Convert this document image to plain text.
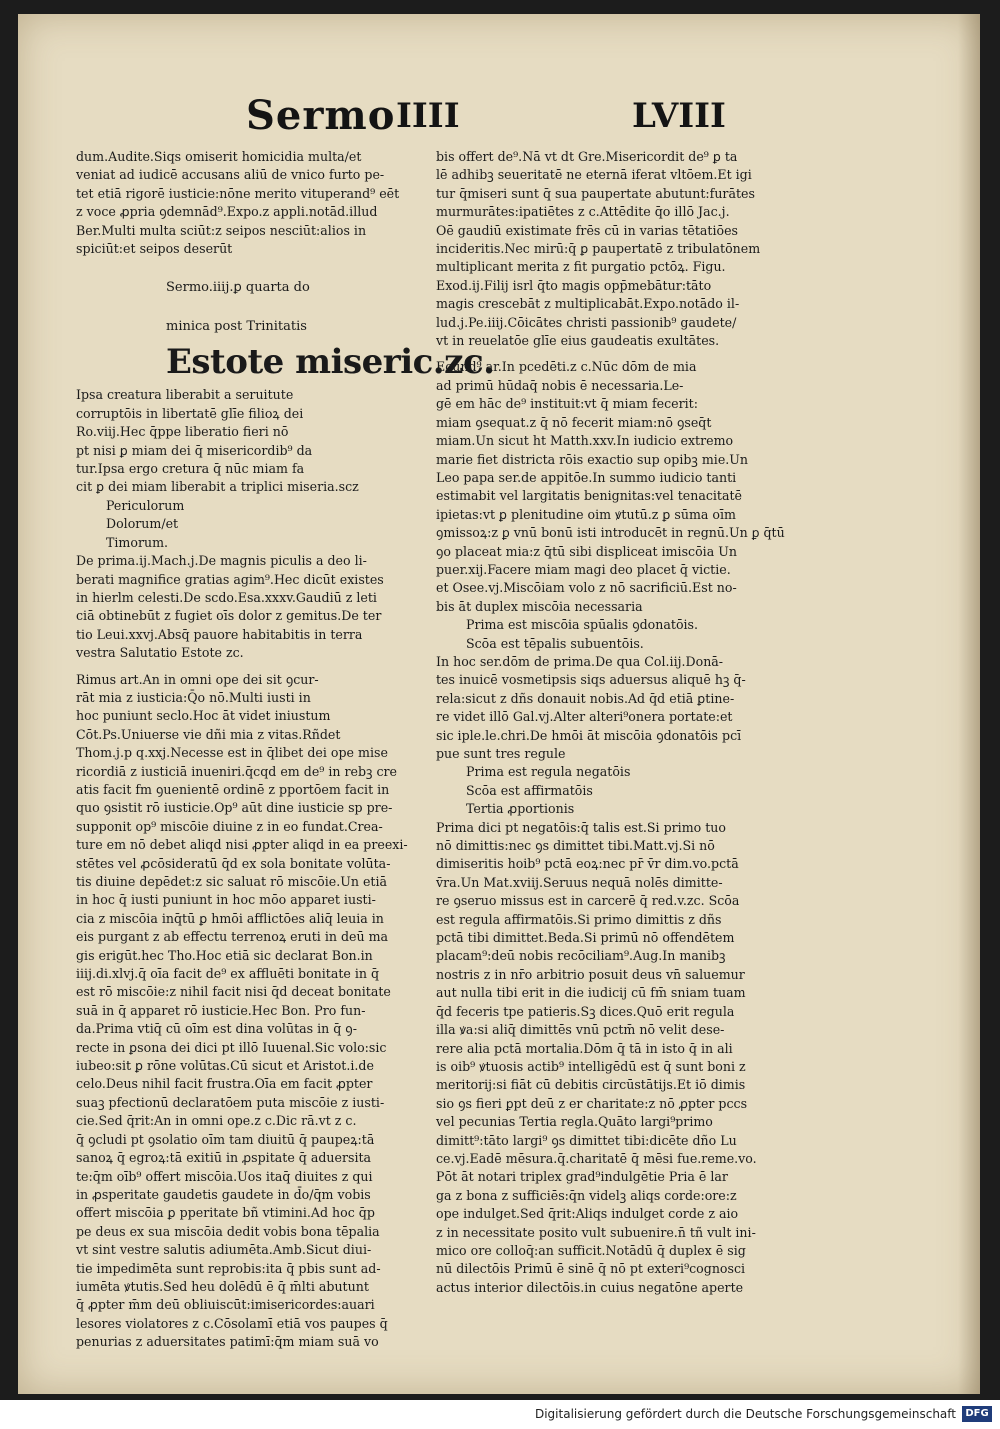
Sermo IIII	LVIII

dum.Audite.Siqs omiserit homicidia multa/et

veniat ad iudicē accusans aliū de vnico furto pe-

tet etiā rigorē iusticie:nōne merito vituperand⁹ eēt

z voce ꝓpria ꝯdemnād⁹.Expo.z appli.notād.illud

Ber.Multi multa sciūt:z seipos nesciūt:alios in

spiciūt:et seipos deserūt

Sermo.iiij.ꝑ quarta do

minica post Trinitatis

Estote miseric.zc.

Ipsa creatura liberabit a seruitute

corruptōis in libertatē glīe filioꝝ dei

Ro.viij.Hec q̄ppe liberatio fieri nō

pt nisi ꝑ miam dei q̄ misericordib⁹ da

tur.Ipsa ergo cretura q̄ nūc miam fa

cit ꝑ dei miam liberabit a triplici miseria.scz

Periculorum

Dolorum/et

Timorum.

De prima.ij.Mach.j.De magnis piculis a deo li-

berati magnifice gratias agim⁹.Hec dicūt existes

in hierlm celesti.De scdo.Esa.xxxv.Gaudiū z leti

ciā obtinebūt z fugiet oīs dolor z gemitus.De ter

tio Leui.xxvj.Absq̄ pauore habitabitis in terra

vestra Salutatio Estote zc.

Rimus art.An in omni ope dei sit ꝯcur-

rāt mia z iusticia:Q̄o nō.Multi iusti in

hoc puniunt seclo.Hoc āt videt iniustum

Cōt.Ps.Uniuerse vie dñi mia z vitas.Rñdet

Thom.j.p q.xxj.Necesse est in q̄libet dei ope mise

ricordiā z iusticiā inueniri.q̄cqd em de⁹ in rebꝫ cre

atis facit fm ꝯuenientē ordinē z pportōem facit in

quo ꝯsistit rō iusticie.Op⁹ aūt dine iusticie sp pre-

supponit op⁹ miscōie diuine z in eo fundat.Crea-

ture em nō debet aliqd nisi ꝓpter aliqd in ea preexi-

stētes vel ꝓcōsideratū q̄d ex sola bonitate volūta-

tis diuine depēdet:z sic saluat rō miscōie.Un etiā

in hoc q̄ iusti puniunt in hoc mōo apparet iusti-

cia z miscōia inq̄tū ꝑ hmōi afflictōes aliq̄ leuia in

eis purgant z ab effectu terrenoꝝ eruti in deū ma

gis erigūt.hec Tho.Hoc etiā sic declarat Bon.in

iiij.di.xlvj.q̄ oīa facit de⁹ ex affluēti bonitate in q̄

est rō miscōie:z nihil facit nisi q̄d deceat bonitate

suā in q̄ apparet rō iusticie.Hec Bon. Pro fun-

da.Prima vtiq̄ cū oīm est dina volūtas in q̄ ꝯ-

recte in ꝑsona dei dici pt illō Iuuenal.Sic volo:sic

iubeo:sit ꝑ rōne volūtas.Cū sicut et Aristot.i.de

celo.Deus nihil facit frustra.Oīa em facit ꝓpter

suaꝫ pfectionū declaratōem puta miscōie z iusti-

cie.Sed q̄rit:An in omni ope.z c.Dic rā.vt z c.

q̄ ꝯcludi pt ꝯsolatio oīm tam diuitū q̄ paupeꝝ:tā

sanoꝝ q̄ egroꝝ:tā exitiū in ꝓspitate q̄ aduersita

te:q̄m oīb⁹ offert miscōia.Uos itaq̄ diuites z qui

in ꝓsperitate gaudetis gaudete in d̄o/q̄m vobis

offert miscōia ꝑ pperitate bñ vtimini.Ad hoc q̄p

pe deus ex sua miscōia dedit vobis bona tēpalia

vt sint vestre salutis adiumēta.Amb.Sicut diui-

tie impedimēta sunt reprobis:ita q̄ pbis sunt ad-

iumēta ꝟtutis.Sed heu dolēdū ē q̄ m̄lti abutunt

q̄ ꝓpter m̄m deū obliuiscūt:imisericordes:auari

lesores violatores z c.Cōsolamī etiā vos paupes q̄

penurias z aduersitates patimī:q̄m miam suā vo

bis offert de⁹.Nā vt dt Gre.Misericordit de⁹ ꝑ ta

lē adhibꝫ seueritatē ne eternā iferat vltōem.Et igi

tur q̄miseri sunt q̄ sua paupertate abutunt:furātes

murmurātes:ipatiētes z c.Attēdite q̄o illō Jac.j.

Oē gaudiū existimate frēs cū in varias tētatiōes

incideritis.Nec mirū:q̄ ꝑ paupertatē z tribulatōnem

multiplicant merita z fit purgatio pctōꝝ. Figu.

Exod.ij.Filij isrl q̄to magis opp̄mebātur:tāto

magis crescebāt z multiplicabāt.Expo.notādo il-

lud.j.Pe.iiij.Cōicātes christi passionib⁹ gaudete/

vt in reuelatōe glīe eius gaudeatis exultātes.

Ecund⁹ ar.In pcedēti.z c.Nūc dōm de mia

ad primū hūdaq̄ nobis ē necessaria.Le-

gē em hāc de⁹ instituit:vt q̄ miam fecerit:

miam ꝯsequat.z q̄ nō fecerit miam:nō ꝯseq̄t

miam.Un sicut ht Matth.xxv.In iudicio extremo

marie fiet districta rōis exactio sup opibꝫ mie.Un

Leo papa ser.de appitōe.In summo iudicio tanti

estimabit vel largitatis benignitas:vel tenacitatē

ipietas:vt ꝑ plenitudine oim ꝟtutū.z ꝑ sūma oīm

ꝯmissoꝝ:z ꝑ vnū bonū isti introducēt in regnū.Un ꝑ q̄tū

ꝯo placeat mia:z q̄tū sibi displiceat imiscōia Un

puer.xij.Facere miam magi deo placet q̄ victie.

et Osee.vj.Miscōiam volo z nō sacrificiū.Est no-

bis āt duplex miscōia necessaria

Prima est miscōia spūalis ꝯdonatōis.

Scōa est tēpalis subuentōis.

In hoc ser.dōm de prima.De qua Col.iij.Donā-

tes inuicē vosmetipsis siqs aduersus aliquē hꝫ q̄-

rela:sicut z dñs donauit nobis.Ad q̄d etiā ꝑtine-

re videt illō Gal.vj.Alter alteri⁹onera portate:et

sic iple.le.chri.De hmōi āt miscōia ꝯdonatōis pcī

pue sunt tres regule

Prima est regula negatōis

Scōa est affirmatōis

Tertia ꝓportionis

Prima dici pt negatōis:q̄ talis est.Si primo tuo

nō dimittis:nec ꝯs dimittet tibi.Matt.vj.Si nō

dimiseritis hoib⁹ pctā eoꝝ:nec pr̄ v̄r dim.vo.pctā

v̄ra.Un Mat.xviij.Seruus nequā nolēs dimitte-

re ꝯseruo missus est in carcerē q̄ red.v.zc. Scōa

est regula affirmatōis.Si primo dimittis z dñs

pctā tibi dimittet.Beda.Si primū nō offendētem

placam⁹:deū nobis recōciliam⁹.Aug.In manibꝫ

nostris z in nr̄o arbitrio posuit deus vn̄ saluemur

aut nulla tibi erit in die iudicij cū fm̄ sniam tuam

q̄d feceris tpe patieris.Sꝫ dices.Quō erit regula

illa ꝟa:si aliq̄ dimittēs vnū pctm̄ nō velit dese-

rere alia pctā mortalia.Dōm q̄ tā in isto q̄ in ali

is oib⁹ ꝟtuosis actib⁹ intelligēdū est q̄ sunt boni z

meritorij:si fiāt cū debitis circūstātijs.Et iō dimis

sio ꝯs fieri ꝑpt deū z er charitate:z nō ꝓpter pccs

vel pecunias Tertia regla.Quāto largi⁹primo

dimitt⁹:tāto largi⁹ ꝯs dimittet tibi:dicēte dño Lu

ce.vj.Eadē mēsura.q̄.charitatē q̄ mēsi fue.reme.vo.

Pōt āt notari triplex grad⁹indulgētie Pria ē lar

ga z bona z sufficiēs:q̄n videlꝫ aliqs corde:ore:z

ope indulget.Sed q̄rit:Aliqs indulget corde z aio

z in necessitate posito vult subuenire.n̄ tñ vult ini-

mico ore colloq̄:an sufficit.Notādū q̄ duplex ē sig

nū dilectōis Primū ē sinē q̄ nō pt exteri⁹cognosci

actus interior dilectōis.in cuius negatōne aperte

Digitalisierung gefördert durch die Deutsche Forschungsgemeinschaft DFG
